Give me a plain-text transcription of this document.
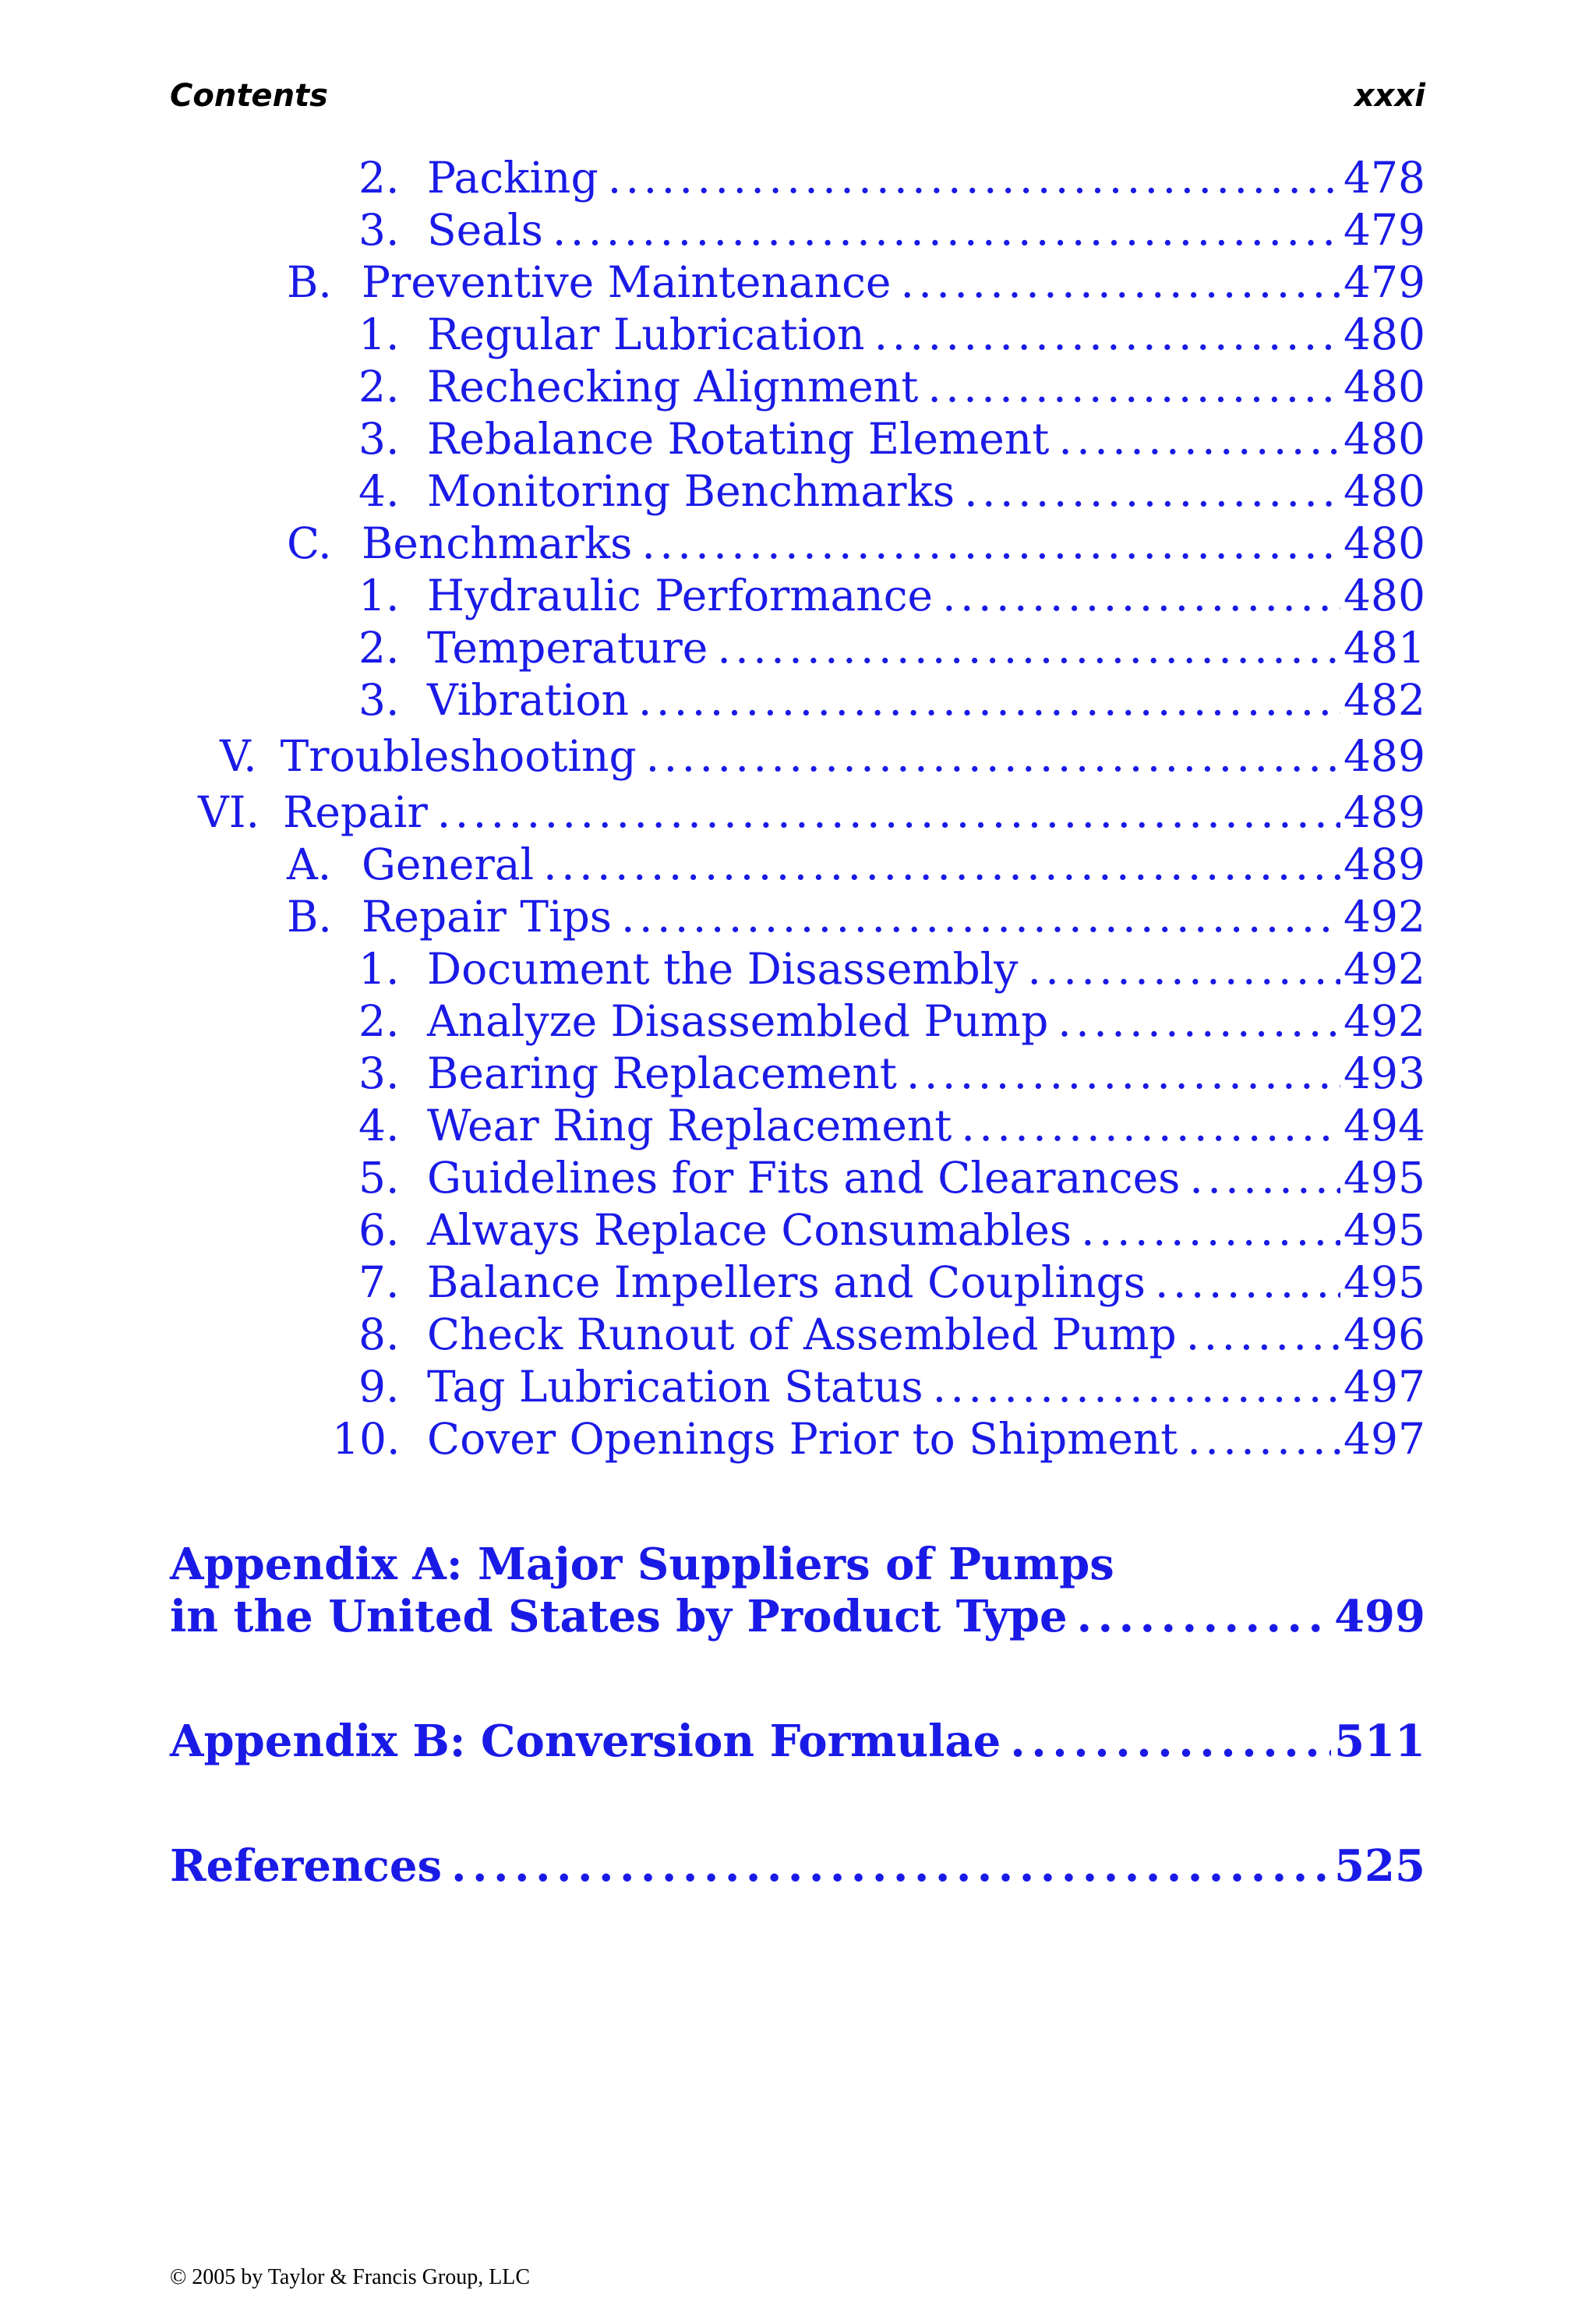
Contents	xxxi
2. Packing . . .	478
3. Seals . . .	479
B. Preventive Maintenance . . .	479
1. Regular Lubrication . . .	480
2. Rechecking Alignment . . .	480
3. Rebalance Rotating Element . . .	480
4. Monitoring Benchmarks . . .	480
C. Benchmarks . . .	480
1. Hydraulic Performance . . .	480
2. Temperature . . .	481
3. Vibration . . .	482
V. Troubleshooting . . .	489
VI. Repair . . .	489
A. General . . .	489
B. Repair Tips . . .	492
1. Document the Disassembly . . .	492
2. Analyze Disassembled Pump . . .	492
3. Bearing Replacement . . .	493
4. Wear Ring Replacement . . .	494
5. Guidelines for Fits and Clearances . . .	495
6. Always Replace Consumables . . .	495
7. Balance Impellers and Couplings . . .	495
8. Check Runout of Assembled Pump . . .	496
9. Tag Lubrication Status . . .	497
10. Cover Openings Prior to Shipment . . .	497
Appendix A: Major Suppliers of Pumps
in the United States by Product Type . . .	499
Appendix B: Conversion Formulae . . .	511
References . . .	525
© 2005 by Taylor & Francis Group, LLC
